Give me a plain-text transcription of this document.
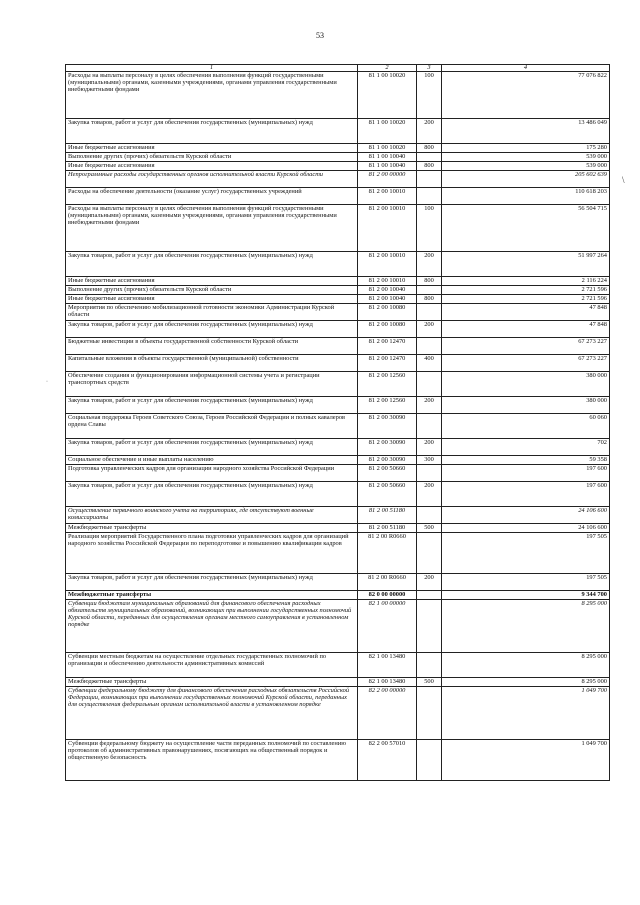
53
1	2	3	4
Расходы на выплаты персоналу в целях обеспечения выполнения функций государственными (муниципальными) органами, казенными учреждениями, органами управления государственными внебюджетными фондами	81 1 00 10020	100	77 076 822
Закупка товаров, работ и услуг для обеспечения государственных (муниципальных) нужд	81 1 00 10020	200	13 486 049
Иные бюджетные ассигнования	81 1 00 10020	800	175 280
Выполнение других (прочих) обязательств Курской области	81 1 00 10040		539 000
Иные бюджетные ассигнования	81 1 00 10040	800	539 000
Непрограммные расходы государственных органов исполнительной власти Курской области	81 2 00 00000		205 602 639
Расходы на обеспечение деятельности (оказание услуг) государственных учреждений	81 2 00 10010		110 618 203
Расходы на выплаты персоналу в целях обеспечения выполнения функций государственными (муниципальными) органами, казенными учреждениями, органами управления государственными внебюджетными фондами	81 2 00 10010	100	56 504 715
Закупка товаров, работ и услуг для обеспечения государственных (муниципальных) нужд	81 2 00 10010	200	51 997 264
Иные бюджетные ассигнования	81 2 00 10010	800	2 116 224
Выполнение других (прочих) обязательств Курской области	81 2 00 10040		2 721 596
Иные бюджетные ассигнования	81 2 00 10040	800	2 721 596
Мероприятия по обеспечению мобилизационной готовности экономики Администрации Курской области	81 2 00 10080		47 848
Закупка товаров, работ и услуг для обеспечения государственных (муниципальных) нужд	81 2 00 10080	200	47 848
Бюджетные инвестиции в объекты государственной собственности Курской области	81 2 00 12470		67 273 227
Капитальные вложения в объекты государственной (муниципальной) собственности	81 2 00 12470	400	67 273 227
Обеспечение создания и функционирования информационной системы учета и регистрации транспортных средств	81 2 00 12560		380 000
Закупка товаров, работ и услуг для обеспечения государственных (муниципальных) нужд	81 2 00 12560	200	380 000
Социальная поддержка Героев Советского Союза, Героев Российской Федерации и полных кавалеров ордена Славы	81 2 00 30090		60 060
Закупка товаров, работ и услуг для обеспечения государственных (муниципальных) нужд	81 2 00 30090	200	702
Социальное обеспечение и иные выплаты населению	81 2 00 30090	300	59 358
Подготовка управленческих кадров для организации народного хозяйства Российской Федерации	81 2 00 50660		197 600
Закупка товаров, работ и услуг для обеспечения государственных (муниципальных) нужд	81 2 00 50660	200	197 600
Осуществление первичного воинского учета на территориях, где отсутствуют военные комиссариаты	81 2 00 51180		24 106 600
Межбюджетные трансферты	81 2 00 51180	500	24 106 600
Реализация мероприятий Государственного плана подготовки управленческих кадров для организаций народного хозяйства Российской Федерации по переподготовке и повышению квалификации кадров	81 2 00 R0660		197 505
Закупка товаров, работ и услуг для обеспечения государственных (муниципальных) нужд	81 2 00 R0660	200	197 505
Межбюджетные трансферты	82 0 00 00000		9 344 700
Субвенции бюджетам муниципальных образований для финансового обеспечения расходных обязательств муниципальных образований, возникающих при выполнении государственных полномочий Курской области, переданных для осуществления органам местного самоуправления в установленном порядке	82 1 00 00000		8 295 000
Субвенции местным бюджетам на осуществление отдельных государственных полномочий по организации и обеспечению деятельности административных комиссий	82 1 00 13480		8 295 000
Межбюджетные трансферты	82 1 00 13480	500	8 295 000
Субвенции федеральному бюджету для финансового обеспечения расходных обязательств Российской Федерации, возникающих при выполнении государственных полномочий Курской области, переданных для осуществления федеральным органам исполнительной власти в установленном порядке	82 2 00 00000		1 049 700
Субвенции федеральному бюджету на осуществление части переданных полномочий по составлению протоколов об административных правонарушениях, посягающих на общественный порядок и общественную безопасность	82 2 00 57010		1 049 700
\
·
